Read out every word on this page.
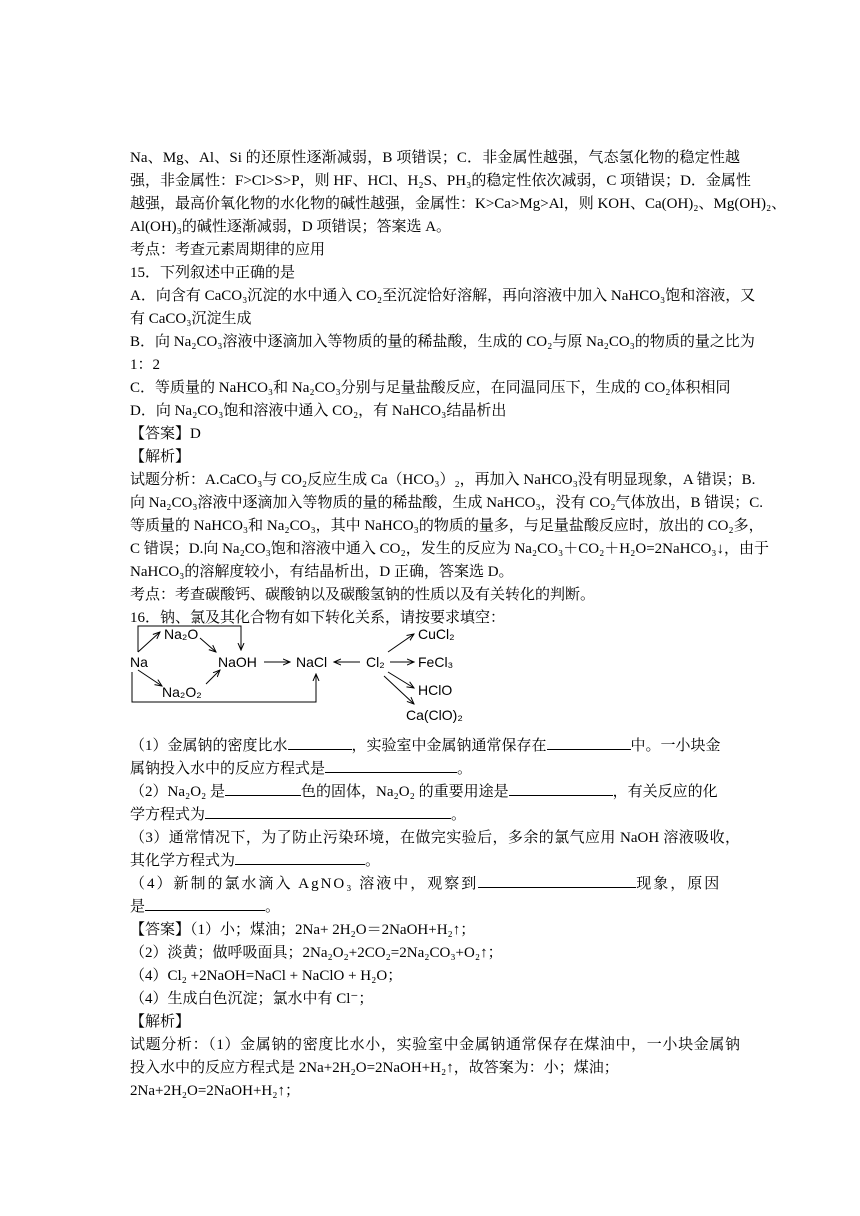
Na、Mg、Al、Si 的还原性逐渐减弱，B 项错误；C．非金属性越强，气态氢化物的稳定性越
强，非金属性：F>Cl>S>P，则 HF、HCl、H₂S、PH₃的稳定性依次减弱，C 项错误；D．金属性
越强，最高价氧化物的水化物的碱性越强，金属性：K>Ca>Mg>Al，则 KOH、Ca(OH)₂、Mg(OH)₂、
Al(OH)₃的碱性逐渐减弱，D 项错误；答案选 A。
考点：考查元素周期律的应用
15．下列叙述中正确的是
A．向含有 CaCO₃沉淀的水中通入 CO₂至沉淀恰好溶解，再向溶液中加入 NaHCO₃饱和溶液，又
有 CaCO₃沉淀生成
B．向 Na₂CO₃溶液中逐滴加入等物质的量的稀盐酸，生成的 CO₂与原 Na₂CO₃的物质的量之比为
1：2
C．等质量的 NaHCO₃和 Na₂CO₃分别与足量盐酸反应，在同温同压下，生成的 CO₂体积相同
D．向 Na₂CO₃饱和溶液中通入 CO₂，有 NaHCO₃结晶析出
【答案】D
【解析】
试题分析：A.CaCO₃与 CO₂反应生成 Ca（HCO₃）₂，再加入 NaHCO₃没有明显现象，A 错误；B.
向 Na₂CO₃溶液中逐滴加入等物质的量的稀盐酸，生成 NaHCO₃，没有 CO₂气体放出，B 错误；C.
等质量的 NaHCO₃和 Na₂CO₃，其中 NaHCO₃的物质的量多，与足量盐酸反应时，放出的 CO₂多，
C 错误；D.向 Na₂CO₃饱和溶液中通入 CO₂，发生的反应为 Na₂CO₃＋CO₂＋H₂O=2NaHCO₃↓，由于
NaHCO₃的溶解度较小，有结晶析出，D 正确，答案选 D。
考点：考查碳酸钙、碳酸钠以及碳酸氢钠的性质以及有关转化的判断。
16．钠、氯及其化合物有如下转化关系，请按要求填空：
Na
Na₂O
NaOH
Na₂O₂
NaCl	Cl₂
CuCl₂
FeCl₃
HClO
Ca(ClO)₂
（1）金属钠的密度比水	，实验室中金属钠通常保存在	中。一小块金
属钠投入水中的反应方程式是	。
（2）Na₂O₂ 是	色的固体，Na₂O₂ 的重要用途是	，有关反应的化
学方程式为	。
（3）通常情况下，为了防止污染环境，在做完实验后，多余的氯气应用 NaOH 溶液吸收，
其化学方程式为	。
（4）新制的氯水滴入 AgNO₃ 溶液中，观察到	现象，原因
是	。
【答案】（1）小；煤油；2Na+ 2H₂O＝2NaOH+H₂↑；
（2）淡黄；做呼吸面具；2Na₂O₂+2CO₂=2Na₂CO₃+O₂↑；
（4）Cl₂ +2NaOH=NaCl + NaClO + H₂O；
（4）生成白色沉淀；氯水中有 Cl⁻；
【解析】
试题分析：（1）金属钠的密度比水小，实验室中金属钠通常保存在煤油中，一小块金属钠
投入水中的反应方程式是 2Na+2H₂O=2NaOH+H₂↑，故答案为：小；煤油；
2Na+2H₂O=2NaOH+H₂↑；
